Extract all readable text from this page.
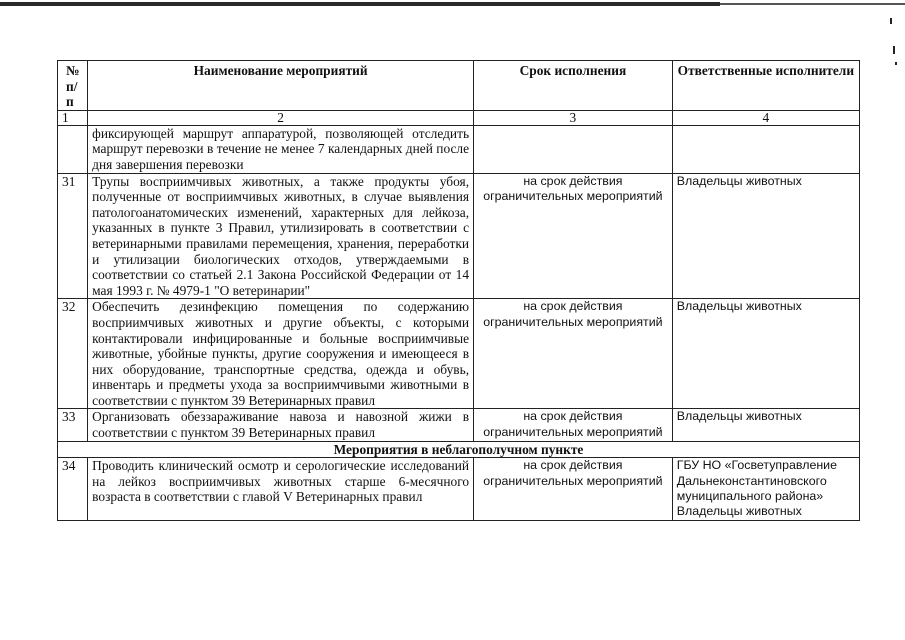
№ п/п	Наименование мероприятий	Срок исполнения	Ответственные исполнители
1	2	3	4
	фиксирующей маршрут аппаратурой, позволяющей отследить маршрут перевозки в течение не менее 7 календарных дней после дня завершения перевозки		
31	Трупы восприимчивых животных, а также продукты убоя, полученные от восприимчивых животных, в случае выявления патологоанатомических изменений, характерных для лейкоза, указанных в пункте 3 Правил, утилизировать в соответствии с ветеринарными правилами перемещения, хранения, переработки и утилизации биологических отходов, утверждаемыми в соответствии со статьей 2.1 Закона Российской Федерации от 14 мая 1993 г. № 4979-1 "О ветеринарии"	на срок действия ограничительных мероприятий	Владельцы животных
32	Обеспечить дезинфекцию помещения по содержанию восприимчивых животных и другие объекты, с которыми контактировали инфицированные и больные восприимчивые животные, убойные пункты, другие сооружения и имеющееся в них оборудование, транспортные средства, одежда и обувь, инвентарь и предметы ухода за восприимчивыми животными в соответствии с пунктом 39 Ветеринарных правил	на срок действия ограничительных мероприятий	Владельцы животных
33	Организовать обеззараживание навоза и навозной жижи в соответствии с пунктом 39 Ветеринарных правил	на срок действия ограничительных мероприятий	Владельцы животных
Мероприятия в неблагополучном пункте			
34	Проводить клинический осмотр и серологические исследований на лейкоз восприимчивых животных старше 6-месячного возраста в соответствии с главой V Ветеринарных правил	на срок действия ограничительных мероприятий	ГБУ НО «Госветуправление Дальнеконстантиновского муниципального района» Владельцы животных
